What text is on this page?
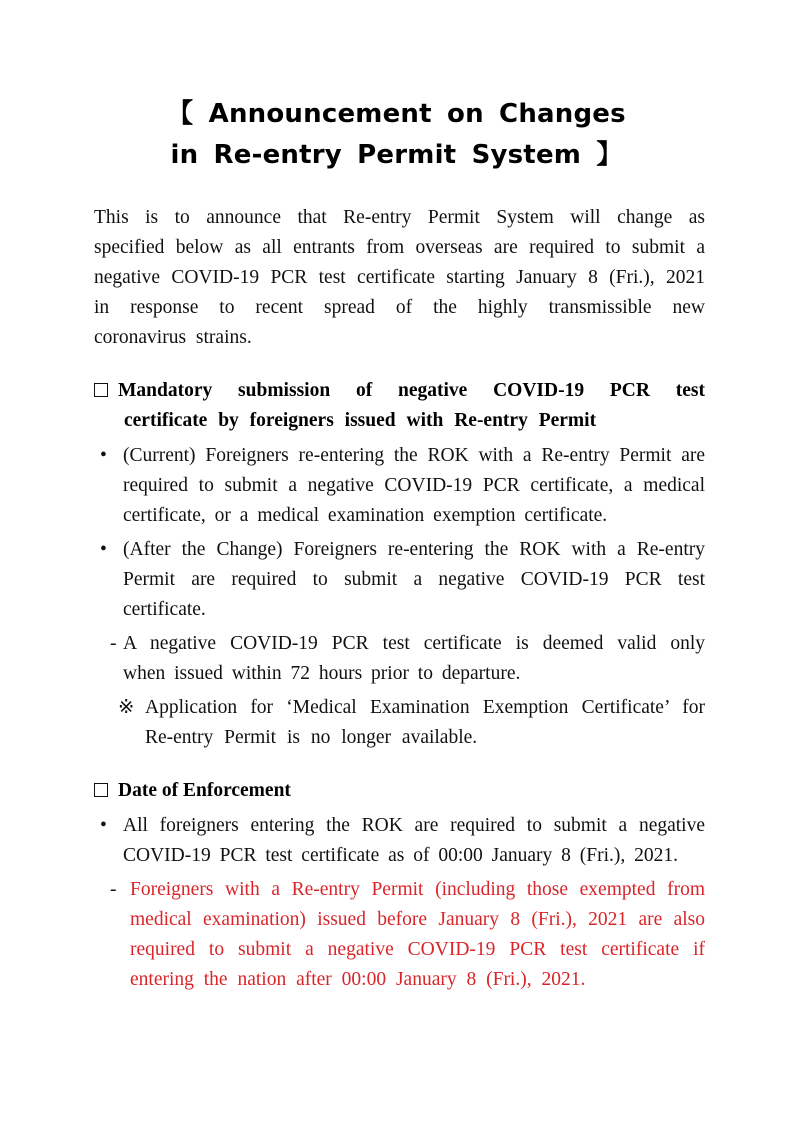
【 Announcement on Changes
in Re-entry Permit System 】
This is to announce that Re-entry Permit System will change as specified below as all entrants from overseas are required to submit a negative COVID-19 PCR test certificate starting January 8 (Fri.), 2021 in response to recent spread of the highly transmissible new coronavirus strains.
Mandatory submission of negative COVID-19 PCR test certificate by foreigners issued with Re-entry Permit
• (Current) Foreigners re-entering the ROK with a Re-entry Permit are required to submit a negative COVID-19 PCR certificate, a medical certificate, or a medical examination exemption certificate.
• (After the Change) Foreigners re-entering the ROK with a Re-entry Permit are required to submit a negative COVID-19 PCR test certificate.
- A negative COVID-19 PCR test certificate is deemed valid only when issued within 72 hours prior to departure.
※ Application for ‘Medical Examination Exemption Certificate’ for Re-entry Permit is no longer available.
Date of Enforcement
• All foreigners entering the ROK are required to submit a negative COVID-19 PCR test certificate as of 00:00 January 8 (Fri.), 2021.
- Foreigners with a Re-entry Permit (including those exempted from medical examination) issued before January 8 (Fri.), 2021 are also required to submit a negative COVID-19 PCR test certificate if entering the nation after 00:00 January 8 (Fri.), 2021.
